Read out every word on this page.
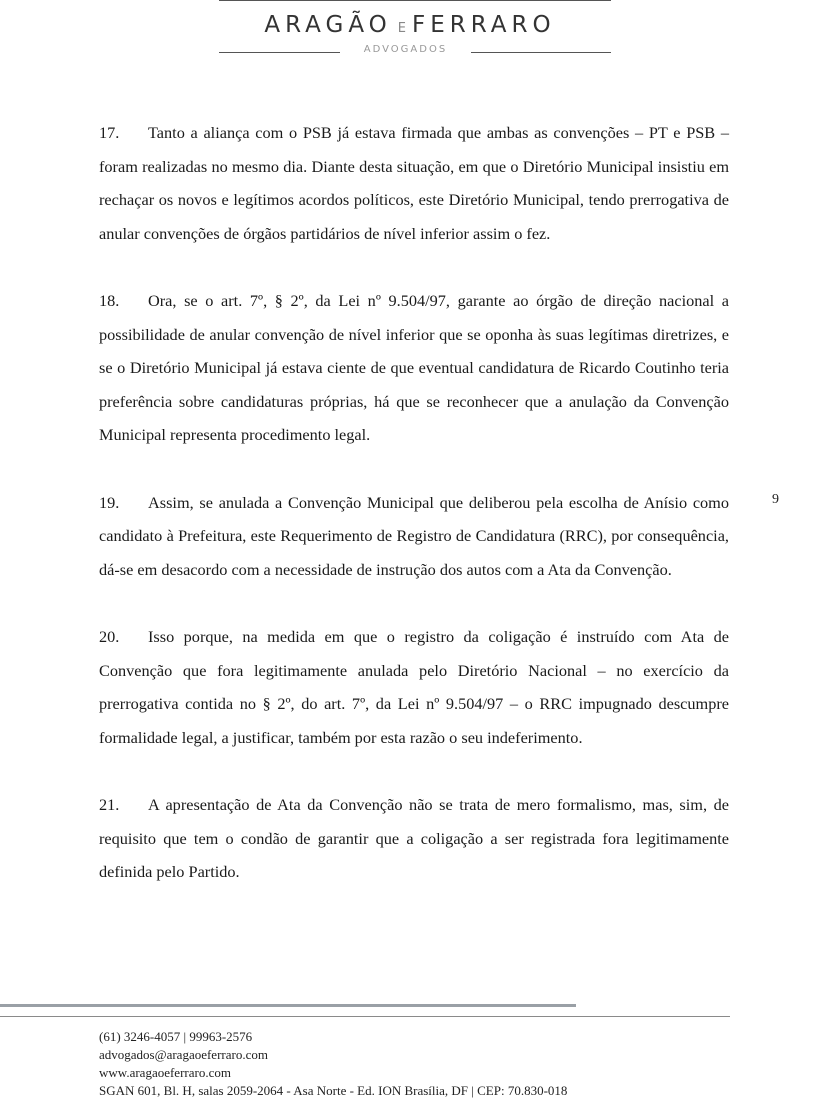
ARAGÃO E FERRARO
ADVOGADOS

17. Tanto a aliança com o PSB já estava firmada que ambas as convenções – PT e PSB – foram realizadas no mesmo dia. Diante desta situação, em que o Diretório Municipal insistiu em rechaçar os novos e legítimos acordos políticos, este Diretório Municipal, tendo prerrogativa de anular convenções de órgãos partidários de nível inferior assim o fez.

18. Ora, se o art. 7º, § 2º, da Lei nº 9.504/97, garante ao órgão de direção nacional a possibilidade de anular convenção de nível inferior que se oponha às suas legítimas diretrizes, e se o Diretório Municipal já estava ciente de que eventual candidatura de Ricardo Coutinho teria preferência sobre candidaturas próprias, há que se reconhecer que a anulação da Convenção Municipal representa procedimento legal.

19. Assim, se anulada a Convenção Municipal que deliberou pela escolha de Anísio como candidato à Prefeitura, este Requerimento de Registro de Candidatura (RRC), por consequência, dá-se em desacordo com a necessidade de instrução dos autos com a Ata da Convenção.

20. Isso porque, na medida em que o registro da coligação é instruído com Ata de Convenção que fora legitimamente anulada pelo Diretório Nacional – no exercício da prerrogativa contida no § 2º, do art. 7º, da Lei nº 9.504/97 – o RRC impugnado descumpre formalidade legal, a justificar, também por esta razão o seu indeferimento.

21. A apresentação de Ata da Convenção não se trata de mero formalismo, mas, sim, de requisito que tem o condão de garantir que a coligação a ser registrada fora legitimamente definida pelo Partido.

9
(61) 3246-4057 | 99963-2576
advogados@aragaoeferraro.com
www.aragaoeferraro.com
SGAN 601, Bl. H, salas 2059-2064 - Asa Norte - Ed. ION Brasília, DF | CEP: 70.830-018
